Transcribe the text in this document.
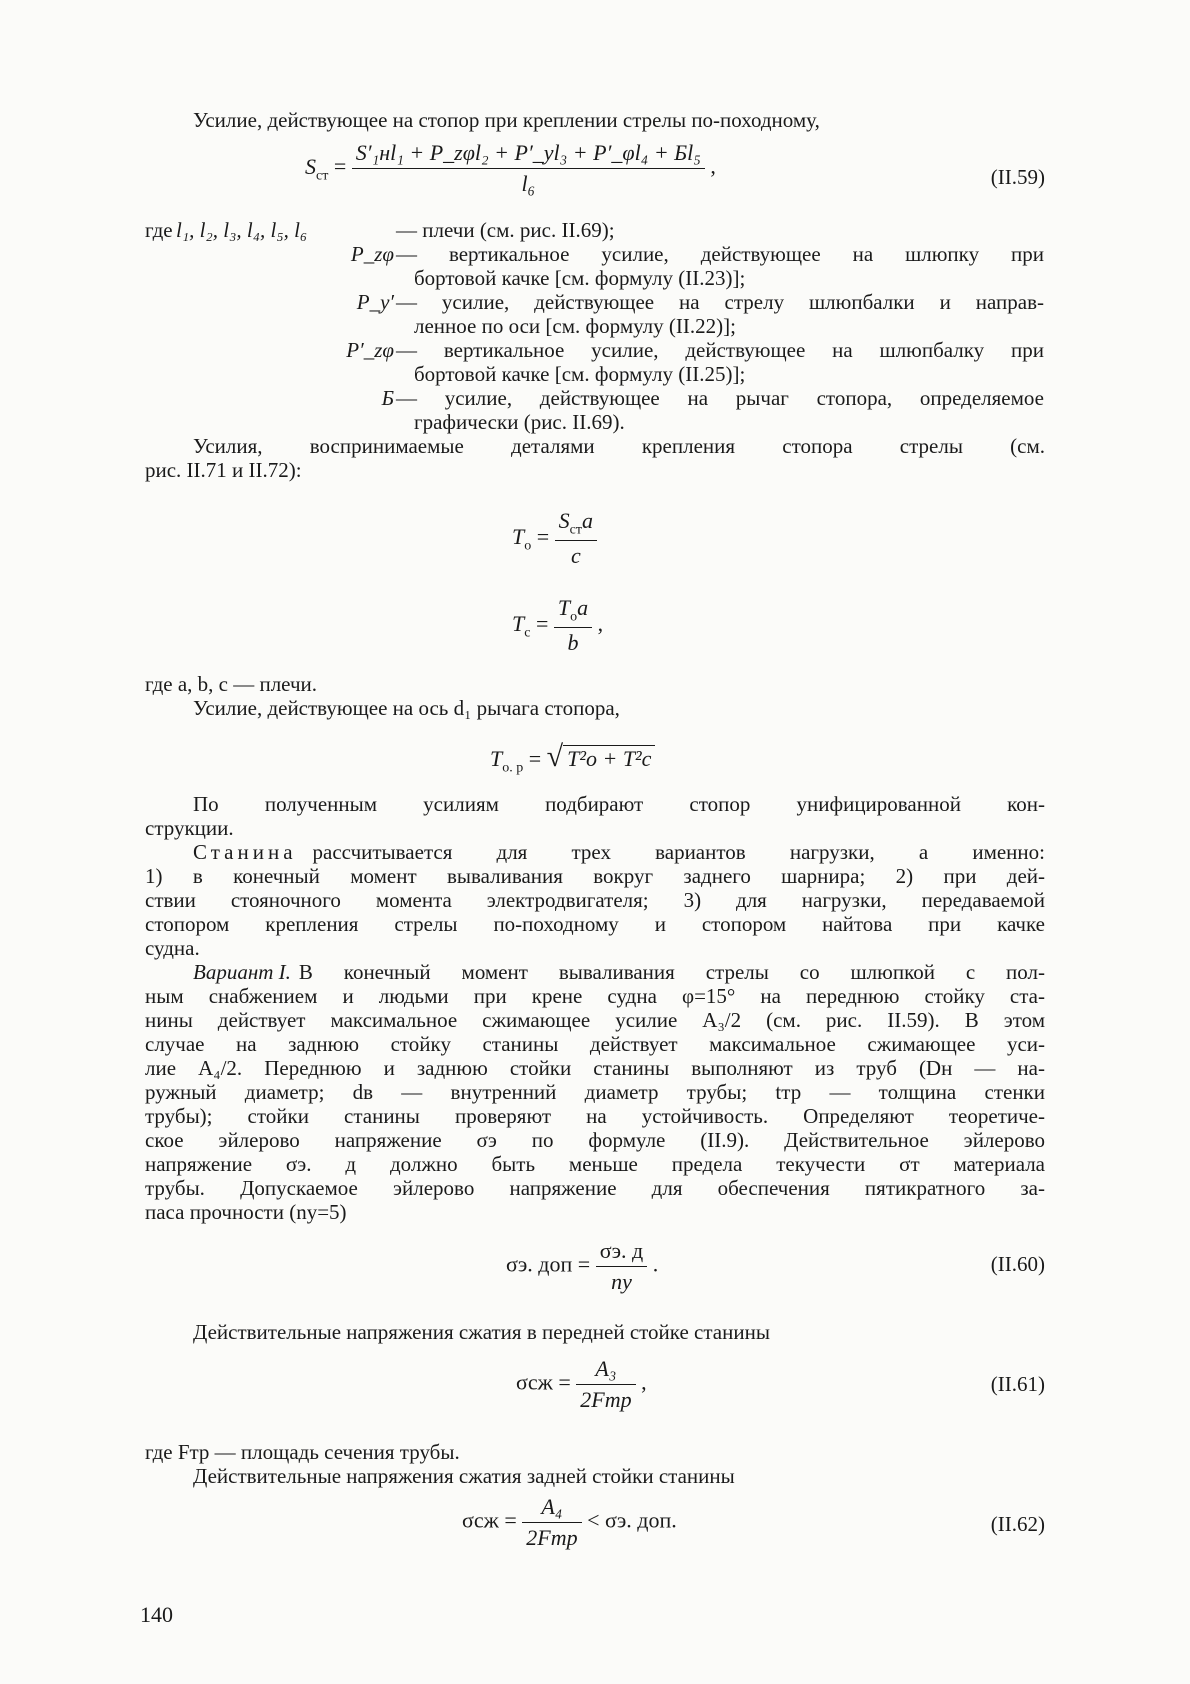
Усилие, действующее на стопор при креплении стрелы по-походному,
$S_{ст} = \frac{\text{S′₁нl₁ + P\_zφl₂ + P′\_yl₃ + P′\_φl₄ + Бl₅}}{\text{l₆}}$ ,	(II.59)
где l₁, l₂, l₃, l₄, l₅, l₆	— плечи (см. рис. II.69);
P_zφ — вертикальное усилие, действующее на шлюпку при
бортовой качке [см. формулу (II.23)];
P_y′ — усилие, действующее на стрелу шлюпбалки и направ-
ленное по оси [см. формулу (II.22)];
P′_zφ — вертикальное усилие, действующее на шлюпбалку при
бортовой качке [см. формулу (II.25)];
Б — усилие, действующее на рычаг стопора, определяемое
графически (рис. II.69).
Усилия, воспринимаемые деталями крепления стопора стрелы (см.
рис. II.71 и II.72):
$T_о = \frac{S_{ст}a}{c}$
$T_с = \frac{T_оa}{b}$ ,
где a, b, c — плечи.
Усилие, действующее на ось d₁ рычага стопора,
$T_{о. р}$ = √ T²о + T²с
По полученным усилиям подбирают стопор унифицированной кон-
струкции.
Станина рассчитывается для трех вариантов нагрузки, а именно:
1) в конечный момент вываливания вокруг заднего шарнира; 2) при дей-
ствии стояночного момента электродвигателя; 3) для нагрузки, передаваемой
стопором крепления стрелы по-походному и стопором найтова при качке
судна.
Вариант I. В конечный момент вываливания стрелы со шлюпкой с пол-
ным снабжением и людьми при крене судна φ=15° на переднюю стойку ста-
нины действует максимальное сжимающее усилие A₃/2 (см. рис. II.59). В этом
случае на заднюю стойку станины действует максимальное сжимающее уси-
лие A₄/2. Переднюю и заднюю стойки станины выполняют из труб (Dн — на-
ружный диаметр; dв — внутренний диаметр трубы; tтр — толщина стенки
трубы); стойки станины проверяют на устойчивость. Определяют теоретиче-
ское эйлерово напряжение σэ по формуле (II.9). Действительное эйлерово
напряжение σэ. д должно быть меньше предела текучести σт материала
трубы. Допускаемое эйлерово напряжение для обеспечения пятикратного за-
паса прочности (ny=5)
σэ. доп = $\frac{\sigma э. д}{ny}$ .	(II.60)
Действительные напряжения сжатия в передней стойке станины
$\sigma сж = \frac{\text{A₃}}{\text{2Fтр}}$ ,	(II.61)
где Fтр — площадь сечения трубы.
Действительные напряжения сжатия задней стойки станины
$\sigma сж = \frac{\text{A₄}}{\text{2Fтр}} < \sigma э$. доп.	(II.62)
140
